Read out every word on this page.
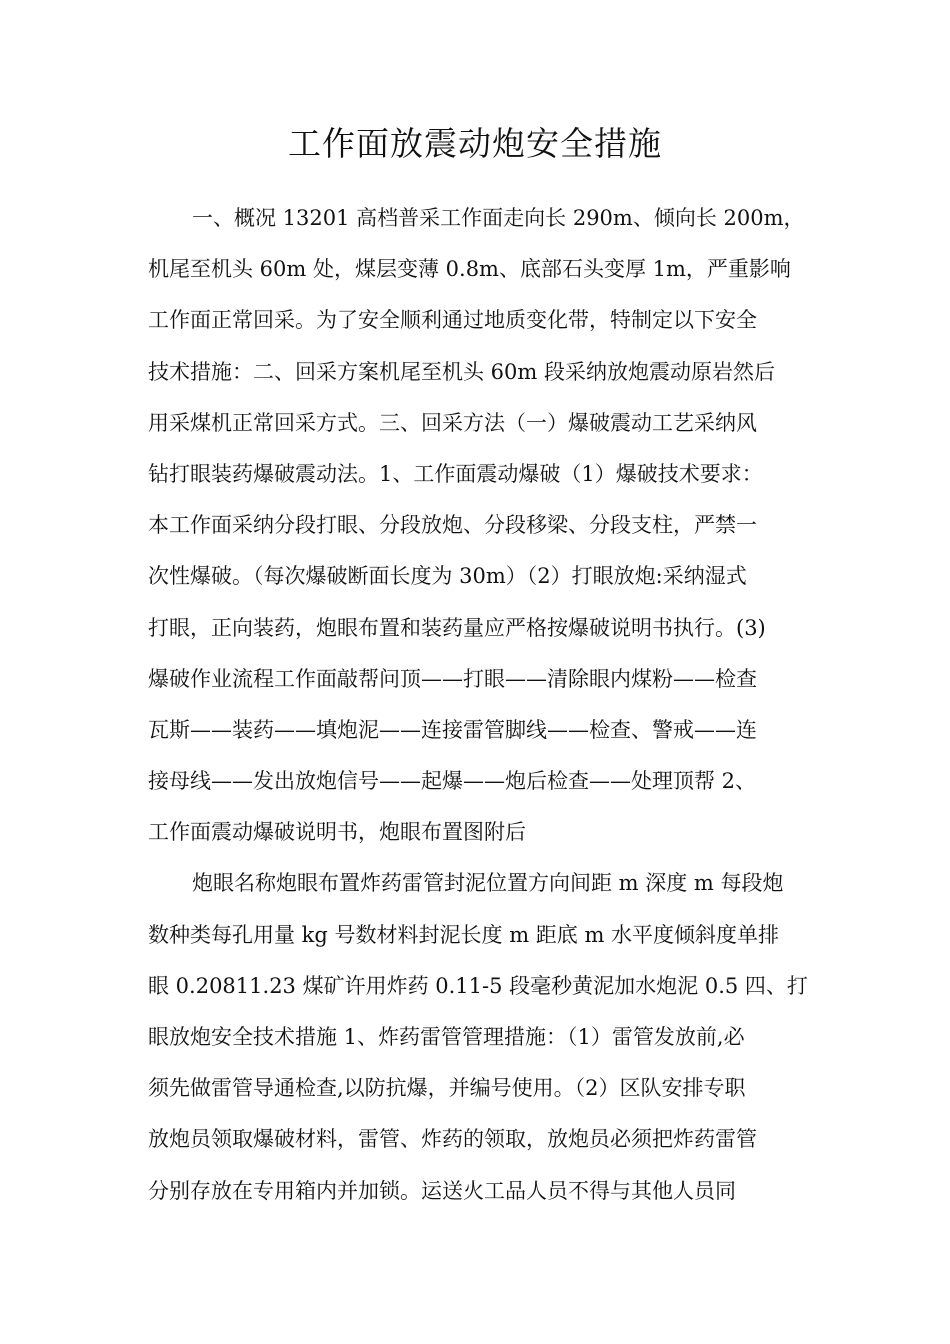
工作面放震动炮安全措施
一、概况 13201 高档普采工作面走向长 290m、倾向长 200m，
机尾至机头 60m 处，煤层变薄 0.8m、底部石头变厚 1m，严重影响
工作面正常回采。为了安全顺利通过地质变化带，特制定以下安全
技术措施：二、回采方案机尾至机头 60m 段采纳放炮震动原岩然后
用采煤机正常回采方式。三、回采方法（一）爆破震动工艺采纳风
钻打眼装药爆破震动法。1、工作面震动爆破（1）爆破技术要求：
本工作面采纳分段打眼、分段放炮、分段移梁、分段支柱，严禁一
次性爆破。（每次爆破断面长度为 30m）（2）打眼放炮:采纳湿式
打眼，正向装药，炮眼布置和装药量应严格按爆破说明书执行。(3)
爆破作业流程工作面敲帮问顶——打眼——清除眼内煤粉——检查
瓦斯——装药——填炮泥——连接雷管脚线——检查、警戒——连
接母线——发出放炮信号——起爆——炮后检查——处理顶帮 2、
工作面震动爆破说明书，炮眼布置图附后
炮眼名称炮眼布置炸药雷管封泥位置方向间距 m 深度 m 每段炮
数种类每孔用量 kg 号数材料封泥长度 m 距底 m 水平度倾斜度单排
眼 0.20811.23 煤矿许用炸药 0.11-5 段毫秒黄泥加水炮泥 0.5 四、打
眼放炮安全技术措施 1、炸药雷管管理措施：（1）雷管发放前,必
须先做雷管导通检查,以防抗爆，并编号使用。（2）区队安排专职
放炮员领取爆破材料，雷管、炸药的领取，放炮员必须把炸药雷管
分别存放在专用箱内并加锁。运送火工品人员不得与其他人员同
